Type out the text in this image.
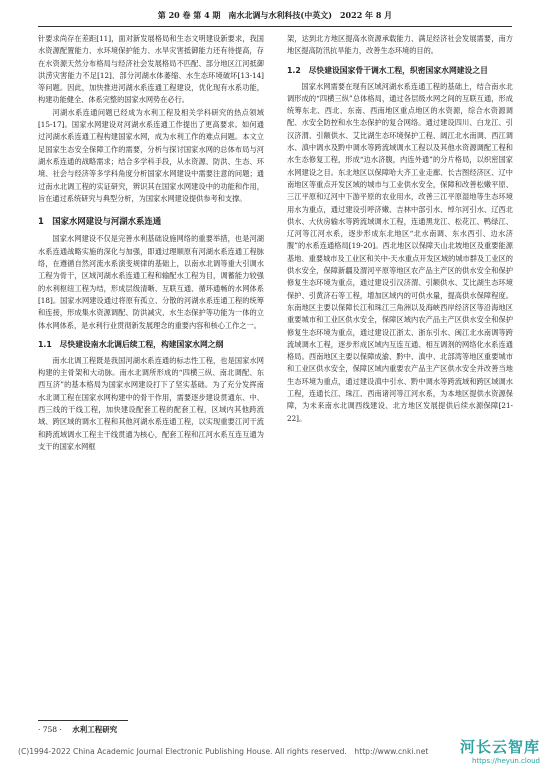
第 20 卷 第 4 期　南水北调与水利科技(中英文)　2022 年 8 月

针要求尚存在差距[11]，面对新发展格局和生态文明建设新要求，我国水资源配置能力、水环境保护能力、水旱灾害抵御能力还有待提高，存在水资源天然分布格局与经济社会发展格局不匹配、部分地区江河抵御洪涝灾害能力不足[12]、部分河湖水体萎缩、水生态环境破坏[13-14]等问题。因此，加快推进河湖水系连通工程建设，优化现有水系功能，构建功能健全、体系完整的国家水网势在必行。

河湖水系连通问题已经成为水利工程及相关学科研究的热点领域[15-17]。国家水网建设对河湖水系连通工作提出了更高要求。如何通过河湖水系连通工程构建国家水网，成为水利工作的难点问题。本文立足国家生态安全保障工作的需要，分析与探讨国家水网的总体布局与河湖水系连通的战略需求；结合多学科手段，从水资源、防洪、生态、环境、社会与经济等多学科角度分析国家水网建设中需要注意的问题；通过南水北调工程的实证研究，辨识其在国家水网建设中的功能和作用，旨在通过系统研究与典型分析，为国家水网建设提供参考和支撑。

1　国家水网建设与河湖水系连通

国家水网建设不仅是完善水利基础设施网络的重要举措，也是河湖水系连通战略实施的深化与加强，即通过理顺原有河湖水系连通工程脉络，在遵循自然河流水系演变规律的基础上，以南水北调等重大引调水工程为骨干，区域河湖水系连通工程和输配水工程为目，调蓄能力较强的水利枢纽工程为结，形成层级清晰、互联互通、循环通畅的水网体系[18]。国家水网建设通过将原有孤立、分散的河湖水系连通工程的统筹和连接，形成集水资源调配、防洪减灾、水生态保护等功能为一体的立体水网体系，是水利行业贯彻新发展理念的重要内容和核心工作之一。

1.1　尽快建设南水北调后续工程，构建国家水网之纲

南水北调工程既是我国河湖水系连通的标志性工程，也是国家水网构建的主骨架和大动脉。南水北调所形成的“四横三纵、南北调配、东西互济”的基本格局为国家水网建设打下了坚实基础。为了充分发挥南水北调工程在国家水网构建中的骨干作用，需要逐步建设贯通东、中、西三线的干线工程，加快建设配套工程的配套工程，区域内其他跨流域、跨区域的调水工程和其他河湖水系连通工程，以实现重要江河干流和跨流域调水工程主干线贯通为核心，配套工程和江河水系互连互通为支干的国家水网框

架，达到北方地区提高水资源承载能力、满足经济社会发展需要，南方地区提高防汛抗旱能力，改善生态环境的目的。

1.2　尽快建设国家骨干调水工程，织密国家水网建设之目

国家水网需要在现有区域河湖水系连通工程的基础上，结合南水北调形成的“四横三纵”总体格局，通过各层级水网之间的互联互通，形成统筹东北、西北、东南、西南地区重点地区的水资源，综合水资源调配、水安全防控和水生态保护的复合网络。通过建设四川、白龙江、引汉济渭、引额供水、艾比湖生态环境保护工程、阔江北水南调、西江调水、滇中调水及黔中调水等跨流域调水工程以及其他水资源调配工程和水生态修复工程，形成“边水济腹，内连外通”的分片格局，以织密国家水网建设之目。东北地区以保障哈大齐工业走廊、长吉图经济区、辽中南地区等重点开发区域的城市与工业供水安全，保障和改善松嫩平原、三江平原和辽河中下游平原的农业用水，改善三江平原湿地等生态环境用水为重点，通过建设引呼济嫩、吉林中部引水、绰尔河引水、辽西北供水、大伙房输水等跨流域调水工程，连通黑龙江、松花江、鸭绿江、辽河等江河水系，逐步形成东北地区“北水南调、东水西引、边水济腹”的水系连通格局[19-20]。西北地区以保障天山北坡地区及重要能源基地、重要城市及工业区和关中-天水重点开发区域的城市群及工业区的供水安全，保障新疆及渭河平原等地区农产品主产区的供水安全和保护修复生态环境为重点，通过建设引汉济渭、引额供水、艾比湖生态环境保护、引黄济石等工程，增加区域内的可供水量，提高供水保障程度。东南地区主要以保障长江和珠江三角洲以及海峡西岸经济区等沿海地区重要城市和工业区供水安全，保障区域内农产品主产区供水安全和保护修复生态环境为重点，通过建设江浙太、浙东引水、闽江北水南调等跨流域调水工程，逐步形成区域内互连互通、相互调剂的网络化水系连通格局。西南地区主要以保障成渝、黔中、滇中、北部湾等地区重要城市和工业区供水安全，保障区域内重要农产品主产区供水安全并改善当地生态环境为重点，通过建设滇中引水、黔中调水等跨流域和跨区域调水工程，连通长江、珠江、西南诸河等江河水系，为本地区提供水资源保障，为未来南水北调西线建设、北方地区发展提供后续水源保障[21-22]。

· 758 · 水利工程研究
(C)1994-2022 China Academic Journal Electronic Publishing House. All rights reserved.　http://www.cnki.net 河长云智库
https://heyun.cloud
